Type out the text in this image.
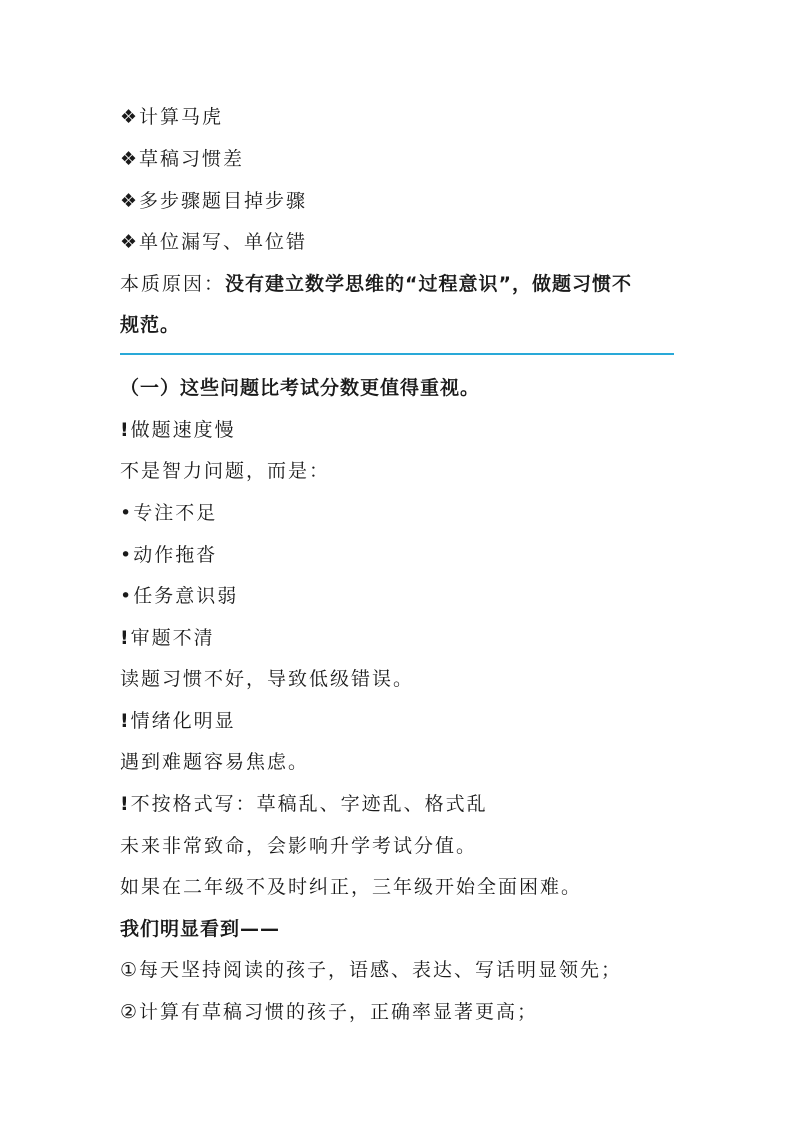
❖计算马虎
❖草稿习惯差
❖多步骤题目掉步骤
❖单位漏写、单位错
本质原因：没有建立数学思维的“过程意识”，做题习惯不
规范。
（一）这些问题比考试分数更值得重视。
!做题速度慢
不是智力问题，而是：
•专注不足
•动作拖沓
•任务意识弱
!审题不清
读题习惯不好，导致低级错误。
!情绪化明显
遇到难题容易焦虑。
!不按格式写：草稿乱、字迹乱、格式乱
未来非常致命，会影响升学考试分值。
如果在二年级不及时纠正，三年级开始全面困难。
我们明显看到——
①每天坚持阅读的孩子，语感、表达、写话明显领先；
②计算有草稿习惯的孩子，正确率显著更高；
